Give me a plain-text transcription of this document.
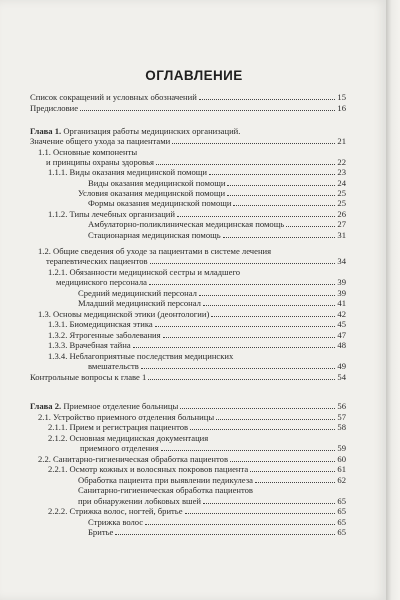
ОГЛАВЛЕНИЕ
Список сокращений и условных обозначений	15
Предисловие	16
Глава 1. Организация работы медицинских организаций.
Значение общего ухода за пациентами	21
1.1. Основные компоненты
и принципы охраны здоровья	22
1.1.1. Виды оказания медицинской помощи	23
Виды оказания медицинской помощи	24
Условия оказания медицинской помощи	25
Формы оказания медицинской помощи	25
1.1.2. Типы лечебных организаций	26
Амбулаторно-поликлиническая медицинская помощь	27
Стационарная медицинская помощь	31
1.2. Общие сведения об уходе за пациентами в системе лечения
терапевтических пациентов	34
1.2.1. Обязанности медицинской сестры и младшего
медицинского персонала	39
Средний медицинский персонал	39
Младший медицинский персонал	41
1.3. Основы медицинской этики (деонтологии)	42
1.3.1. Биомедицинская этика	45
1.3.2. Ятрогенные заболевания	47
1.3.3. Врачебная тайна	48
1.3.4. Неблагоприятные последствия медицинских
вмешательств	49
Контрольные вопросы к главе 1	54
Глава 2. Приемное отделение больницы	56
2.1. Устройство приемного отделения больницы	57
2.1.1. Прием и регистрация пациентов	58
2.1.2. Основная медицинская документация
приемного отделения	59
2.2. Санитарно-гигиеническая обработка пациентов	60
2.2.1. Осмотр кожных и волосяных покровов пациента	61
Обработка пациента при выявлении педикулеза	62
Санитарно-гигиеническая обработка пациентов
при обнаружении лобковых вшей	65
2.2.2. Стрижка волос, ногтей, бритье	65
Стрижка волос	65
Бритье	65
